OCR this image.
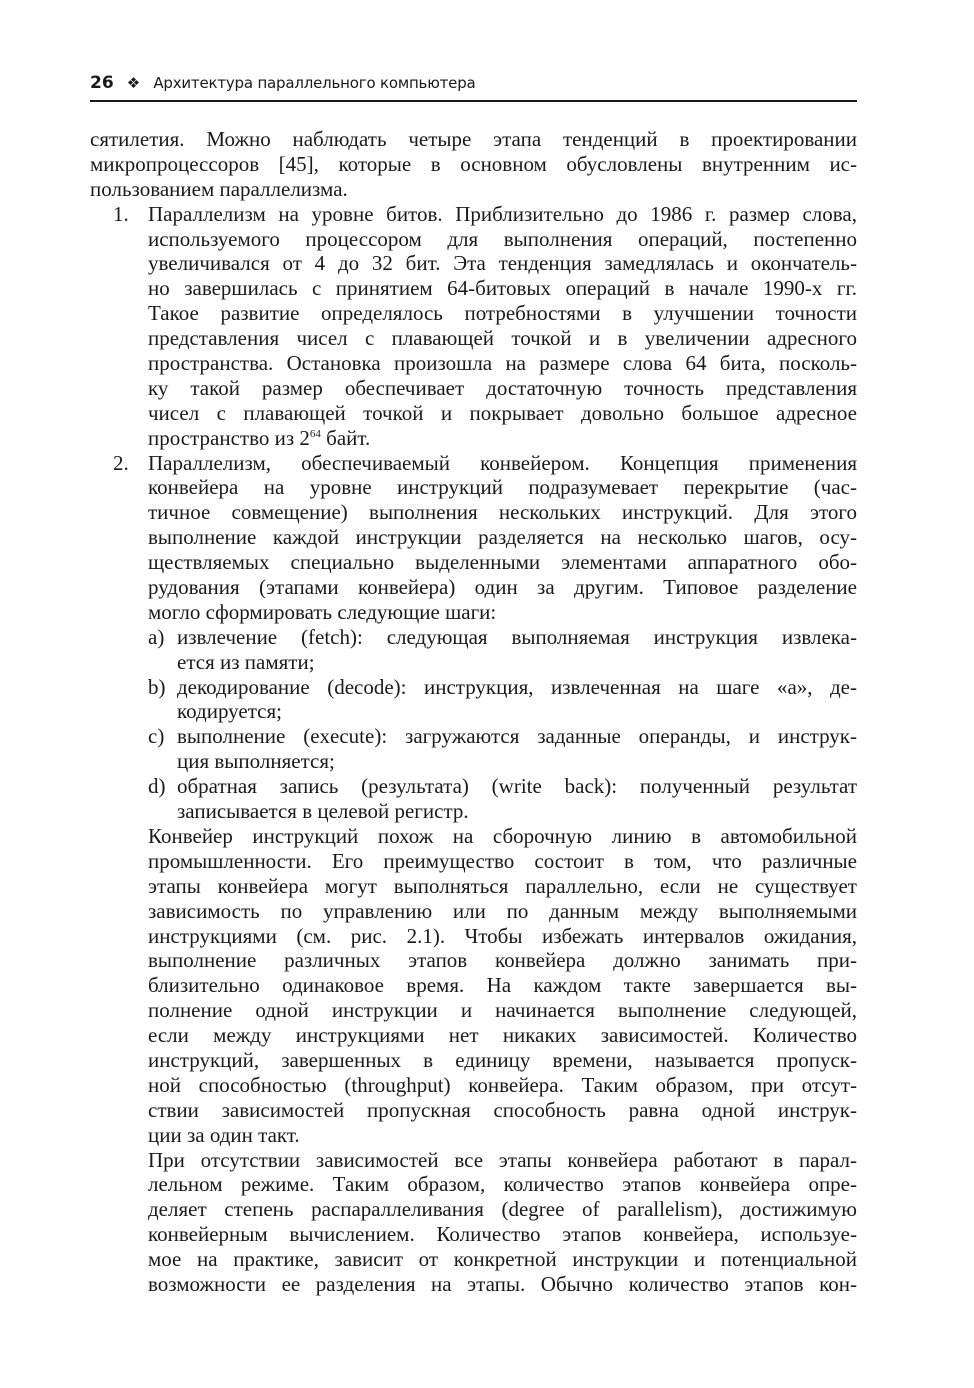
26 ❖ Архитектура параллельного компьютера
сятилетия. Можно наблюдать четыре этапа тенденций в проектировании
микропроцессоров [45], которые в основном обусловлены внутренним ис-
пользованием параллелизма.
1. Параллелизм на уровне битов. Приблизительно до 1986 г. размер слова,
используемого процессором для выполнения операций, постепенно
увеличивался от 4 до 32 бит. Эта тенденция замедлялась и окончатель-
но завершилась с принятием 64-битовых операций в начале 1990-х гг.
Такое развитие определялось потребностями в улучшении точности
представления чисел с плавающей точкой и в увеличении адресного
пространства. Остановка произошла на размере слова 64 бита, посколь-
ку такой размер обеспечивает достаточную точность представления
чисел с плавающей точкой и покрывает довольно большое адресное
пространство из $2^{64}$ байт.
2. Параллелизм, обеспечиваемый конвейером. Концепция применения
конвейера на уровне инструкций подразумевает перекрытие (час-
тичное совмещение) выполнения нескольких инструкций. Для этого
выполнение каждой инструкции разделяется на несколько шагов, осу-
ществляемых специально выделенными элементами аппаратного обо-
рудования (этапами конвейера) один за другим. Типовое разделение
могло сформировать следующие шаги:
a) извлечение (fetch): следующая выполняемая инструкция извлека-
ется из памяти;
b) декодирование (decode): инструкция, извлеченная на шаге «a», де-
кодируется;
c) выполнение (execute): загружаются заданные операнды, и инструк-
ция выполняется;
d) обратная запись (результата) (write back): полученный результат
записывается в целевой регистр.
Конвейер инструкций похож на сборочную линию в автомобильной
промышленности. Его преимущество состоит в том, что различные
этапы конвейера могут выполняться параллельно, если не существует
зависимость по управлению или по данным между выполняемыми
инструкциями (см. рис. 2.1). Чтобы избежать интервалов ожидания,
выполнение различных этапов конвейера должно занимать при-
близительно одинаковое время. На каждом такте завершается вы-
полнение одной инструкции и начинается выполнение следующей,
если между инструкциями нет никаких зависимостей. Количество
инструкций, завершенных в единицу времени, называется пропуск-
ной способностью (throughput) конвейера. Таким образом, при отсут-
ствии зависимостей пропускная способность равна одной инструк-
ции за один такт.
При отсутствии зависимостей все этапы конвейера работают в парал-
лельном режиме. Таким образом, количество этапов конвейера опре-
деляет степень распараллеливания (degree of parallelism), достижимую
конвейерным вычислением. Количество этапов конвейера, используе-
мое на практике, зависит от конкретной инструкции и потенциальной
возможности ее разделения на этапы. Обычно количество этапов кон-
